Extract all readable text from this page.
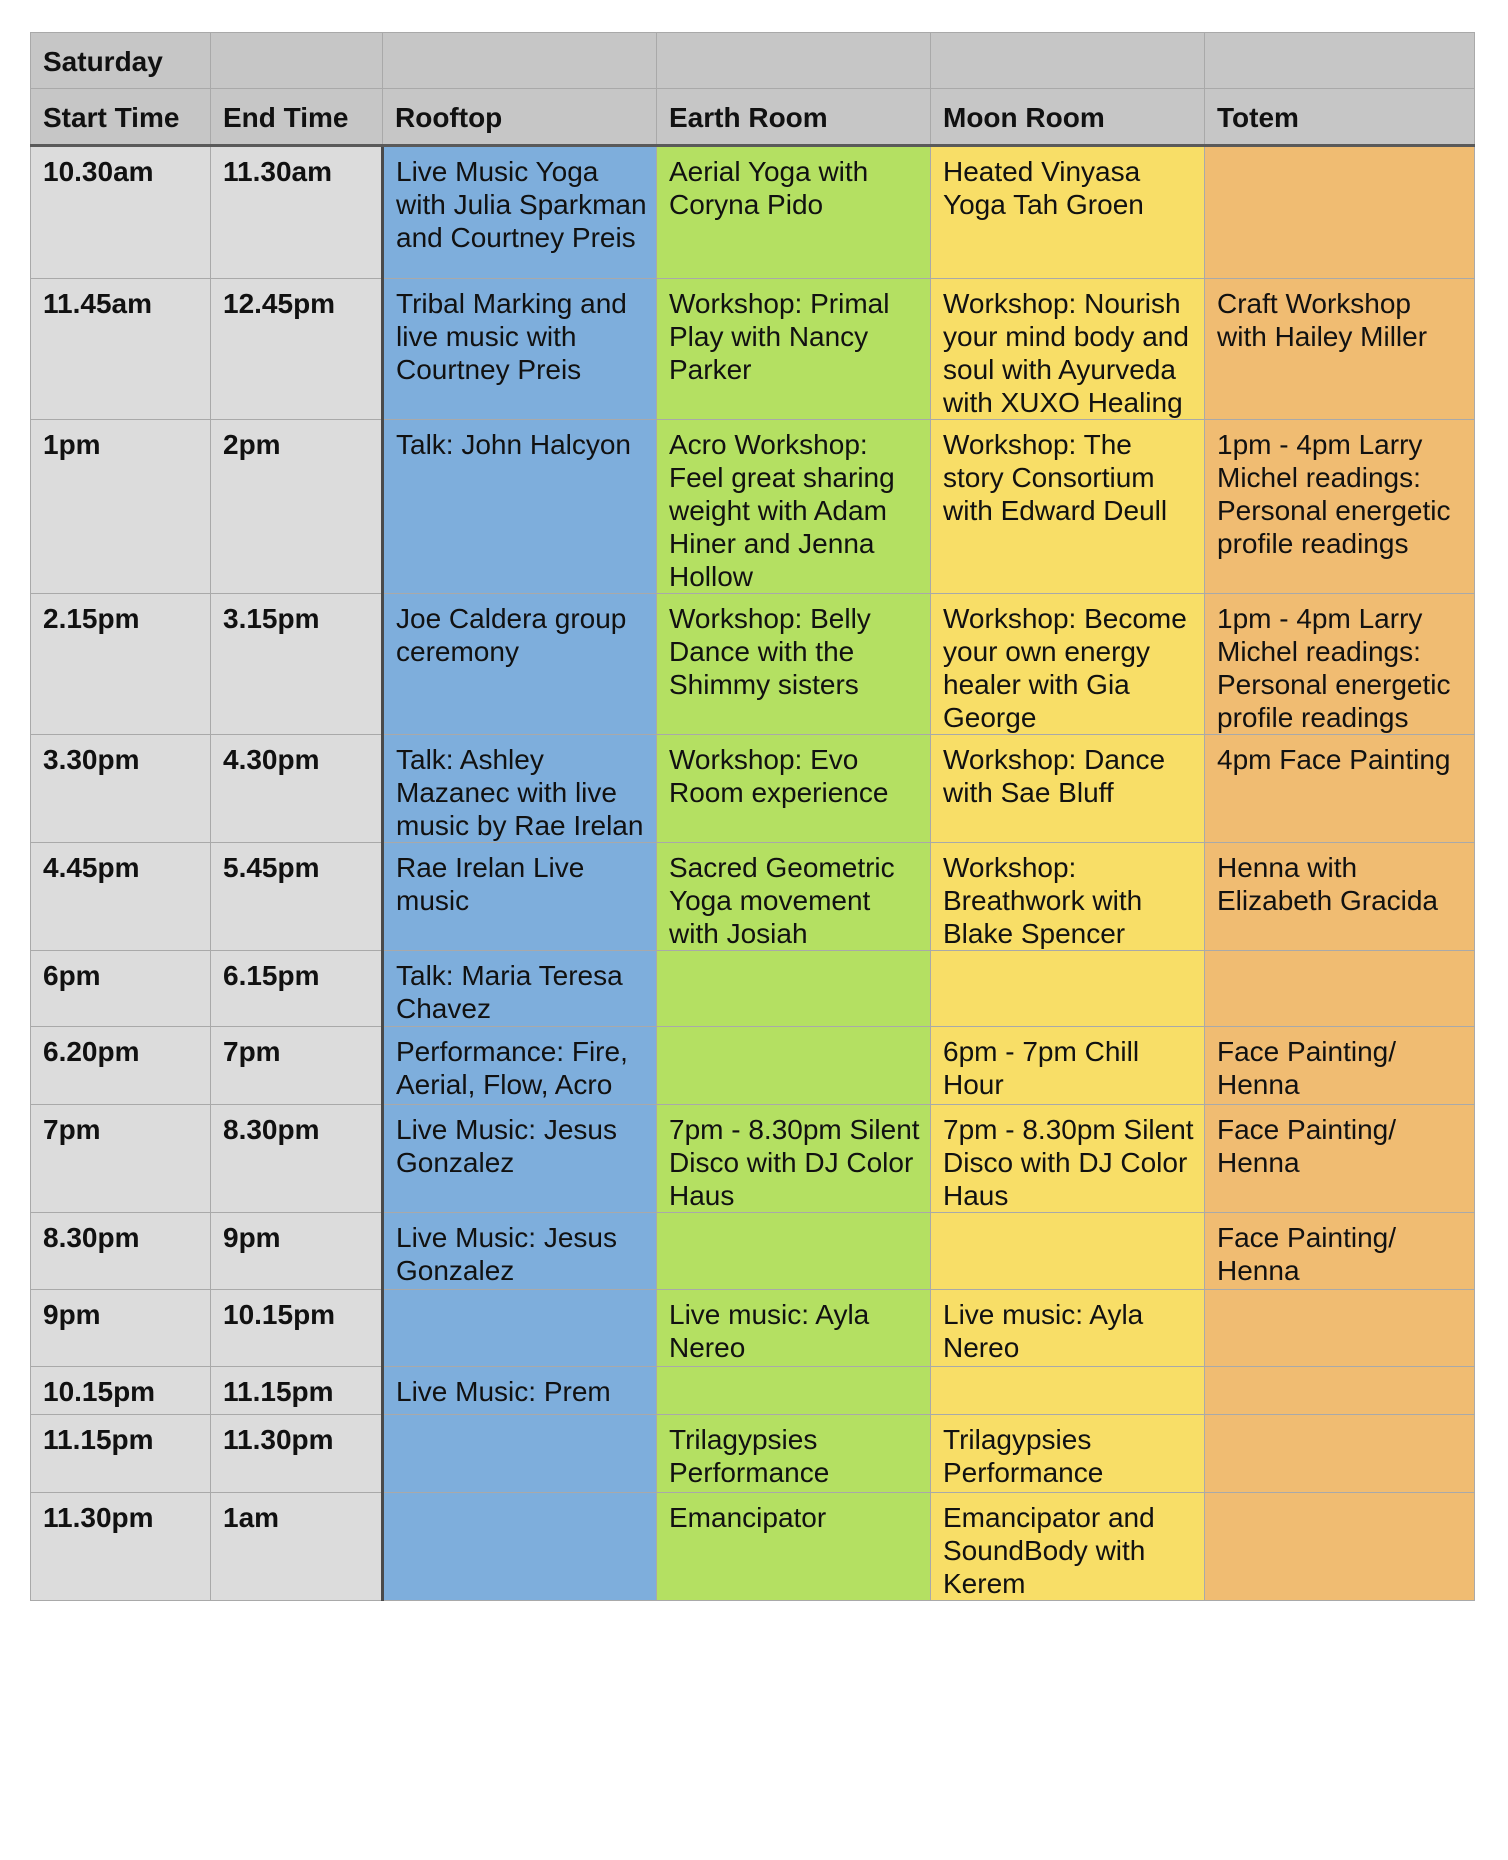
Saturday					
Start Time	End Time	Rooftop	Earth Room	Moon Room	Totem
10.30am	11.30am	Live Music Yoga with Julia Sparkman and Courtney Preis	Aerial Yoga with Coryna Pido	Heated Vinyasa Yoga Tah Groen	
11.45am	12.45pm	Tribal Marking and live music with Courtney Preis	Workshop: Primal Play with Nancy Parker	Workshop: Nourish your mind body and soul with Ayurveda with XUXO Healing	Craft Workshop with Hailey Miller
1pm	2pm	Talk: John Halcyon	Acro Workshop: Feel great sharing weight with Adam Hiner and Jenna Hollow	Workshop: The story Consortium with Edward Deull	1pm - 4pm Larry Michel readings: Personal energetic profile readings
2.15pm	3.15pm	Joe Caldera group ceremony	Workshop: Belly Dance with the Shimmy sisters	Workshop: Become your own energy healer with Gia George	1pm - 4pm Larry Michel readings: Personal energetic profile readings
3.30pm	4.30pm	Talk: Ashley Mazanec with live music by Rae Irelan	Workshop: Evo Room experience	Workshop: Dance with Sae Bluff	4pm Face Painting
4.45pm	5.45pm	Rae Irelan Live music	Sacred Geometric Yoga movement with Josiah	Workshop: Breathwork with Blake Spencer	Henna with Elizabeth Gracida
6pm	6.15pm	Talk: Maria Teresa Chavez			
6.20pm	7pm	Performance: Fire, Aerial, Flow, Acro		6pm - 7pm Chill Hour	Face Painting/ Henna
7pm	8.30pm	Live Music: Jesus Gonzalez	7pm - 8.30pm Silent Disco with DJ Color Haus	7pm - 8.30pm Silent Disco with DJ Color Haus	Face Painting/ Henna
8.30pm	9pm	Live Music: Jesus Gonzalez			Face Painting/ Henna
9pm	10.15pm		Live music: Ayla Nereo	Live music: Ayla Nereo	
10.15pm	11.15pm	Live Music: Prem			
11.15pm	11.30pm		Trilagypsies Performance	Trilagypsies Performance	
11.30pm	1am		Emancipator	Emancipator and SoundBody with Kerem	
